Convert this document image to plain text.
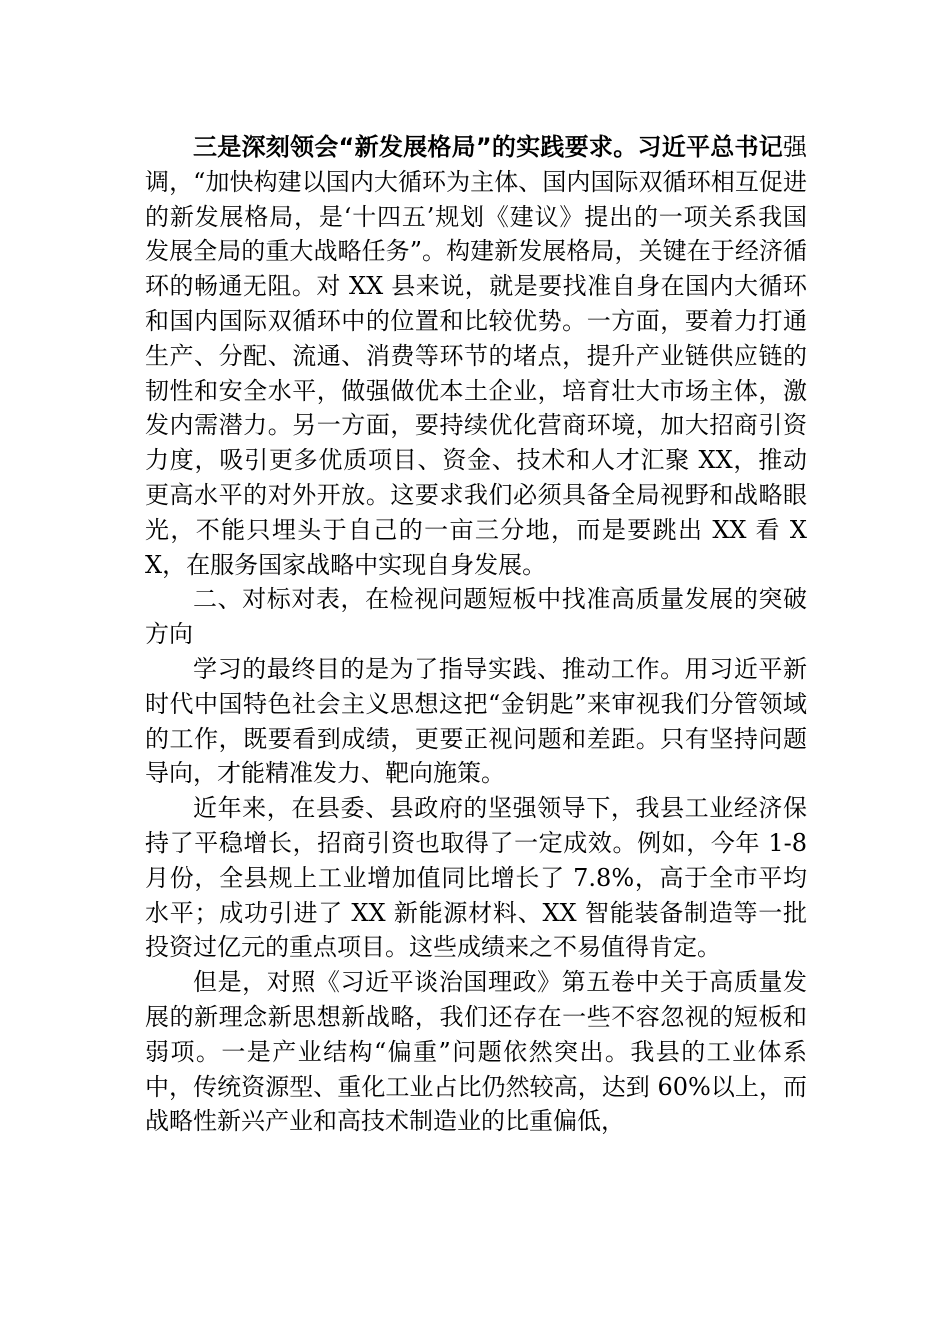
三是深刻领会“新发展格局”的实践要求。习近平总书记强调，“加快构建以国内大循环为主体、国内国际双循环相互促进的新发展格局，是‘十四五’规划《建议》提出的一项关系我国发展全局的重大战略任务”。构建新发展格局，关键在于经济循环的畅通无阻。对 XX 县来说，就是要找准自身在国内大循环和国内国际双循环中的位置和比较优势。一方面，要着力打通生产、分配、流通、消费等环节的堵点，提升产业链供应链的韧性和安全水平，做强做优本土企业，培育壮大市场主体，激发内需潜力。另一方面，要持续优化营商环境，加大招商引资力度，吸引更多优质项目、资金、技术和人才汇聚 XX，推动更高水平的对外开放。这要求我们必须具备全局视野和战略眼光，不能只埋头于自己的一亩三分地，而是要跳出 XX 看 XX，在服务国家战略中实现自身发展。

二、对标对表，在检视问题短板中找准高质量发展的突破方向

学习的最终目的是为了指导实践、推动工作。用习近平新时代中国特色社会主义思想这把“金钥匙”来审视我们分管领域的工作，既要看到成绩，更要正视问题和差距。只有坚持问题导向，才能精准发力、靶向施策。

近年来，在县委、县政府的坚强领导下，我县工业经济保持了平稳增长，招商引资也取得了一定成效。例如，今年 1-8 月份，全县规上工业增加值同比增长了 7.8%，高于全市平均水平；成功引进了 XX 新能源材料、XX 智能装备制造等一批投资过亿元的重点项目。这些成绩来之不易值得肯定。

但是，对照《习近平谈治国理政》第五卷中关于高质量发展的新理念新思想新战略，我们还存在一些不容忽视的短板和弱项。一是产业结构“偏重”问题依然突出。我县的工业体系中，传统资源型、重化工业占比仍然较高，达到 60%以上，而战略性新兴产业和高技术制造业的比重偏低，
